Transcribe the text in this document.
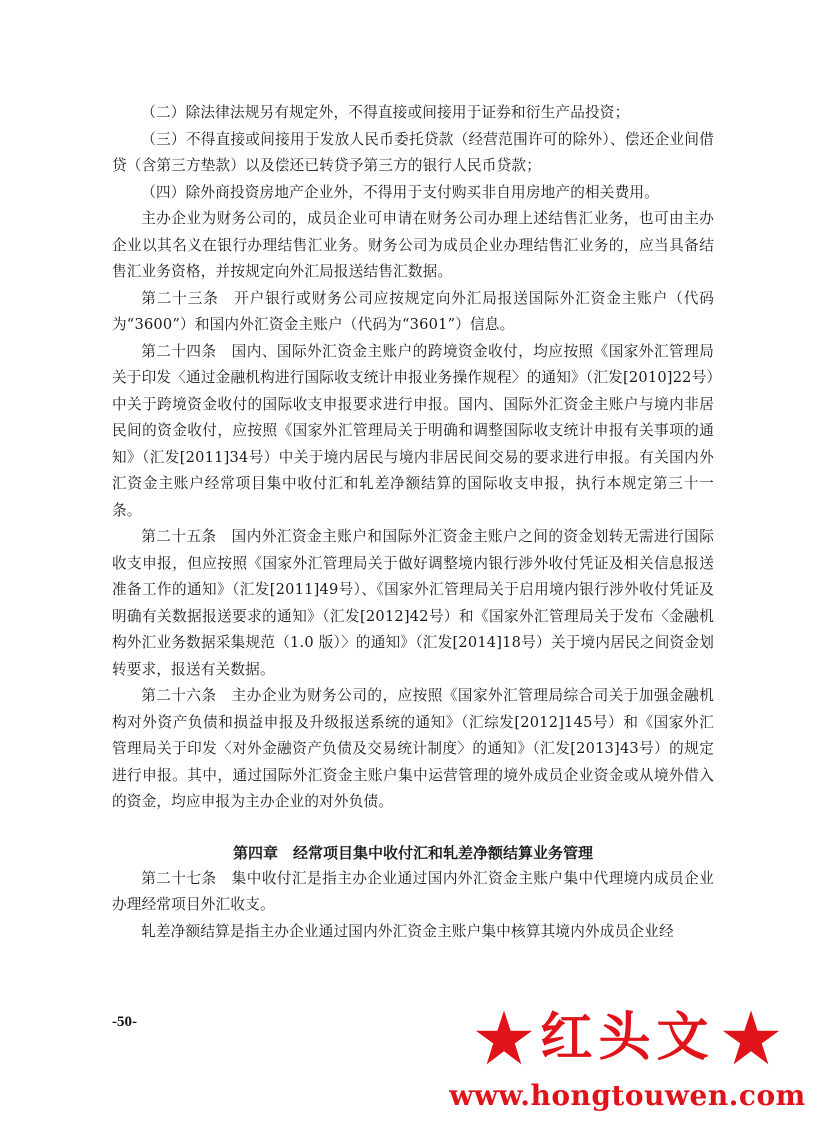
（二）除法律法规另有规定外，不得直接或间接用于证券和衍生产品投资；

（三）不得直接或间接用于发放人民币委托贷款（经营范围许可的除外）、偿还企业间借贷（含第三方垫款）以及偿还已转贷予第三方的银行人民币贷款；

（四）除外商投资房地产企业外，不得用于支付购买非自用房地产的相关费用。

主办企业为财务公司的，成员企业可申请在财务公司办理上述结售汇业务，也可由主办企业以其名义在银行办理结售汇业务。财务公司为成员企业办理结售汇业务的，应当具备结售汇业务资格，并按规定向外汇局报送结售汇数据。

第二十三条　开户银行或财务公司应按规定向外汇局报送国际外汇资金主账户（代码为“3600”）和国内外汇资金主账户（代码为“3601”）信息。

第二十四条　国内、国际外汇资金主账户的跨境资金收付，均应按照《国家外汇管理局关于印发〈通过金融机构进行国际收支统计申报业务操作规程〉的通知》（汇发[2010]22号）中关于跨境资金收付的国际收支申报要求进行申报。国内、国际外汇资金主账户与境内非居民间的资金收付，应按照《国家外汇管理局关于明确和调整国际收支统计申报有关事项的通知》（汇发[2011]34号）中关于境内居民与境内非居民间交易的要求进行申报。有关国内外汇资金主账户经常项目集中收付汇和轧差净额结算的国际收支申报，执行本规定第三十一条。

第二十五条　国内外汇资金主账户和国际外汇资金主账户之间的资金划转无需进行国际收支申报，但应按照《国家外汇管理局关于做好调整境内银行涉外收付凭证及相关信息报送准备工作的通知》（汇发[2011]49号）、《国家外汇管理局关于启用境内银行涉外收付凭证及明确有关数据报送要求的通知》（汇发[2012]42号）和《国家外汇管理局关于发布〈金融机构外汇业务数据采集规范（1.0 版）〉的通知》（汇发[2014]18号）关于境内居民之间资金划转要求，报送有关数据。

第二十六条　主办企业为财务公司的，应按照《国家外汇管理局综合司关于加强金融机构对外资产负债和损益申报及升级报送系统的通知》（汇综发[2012]145号）和《国家外汇管理局关于印发〈对外金融资产负债及交易统计制度〉的通知》（汇发[2013]43号）的规定进行申报。其中，通过国际外汇资金主账户集中运营管理的境外成员企业资金或从境外借入的资金，均应申报为主办企业的对外负债。

第四章　经常项目集中收付汇和轧差净额结算业务管理

第二十七条　集中收付汇是指主办企业通过国内外汇资金主账户集中代理境内成员企业办理经常项目外汇收支。

轧差净额结算是指主办企业通过国内外汇资金主账户集中核算其境内外成员企业经

-50-	红头文
www.hongtouwen.com
